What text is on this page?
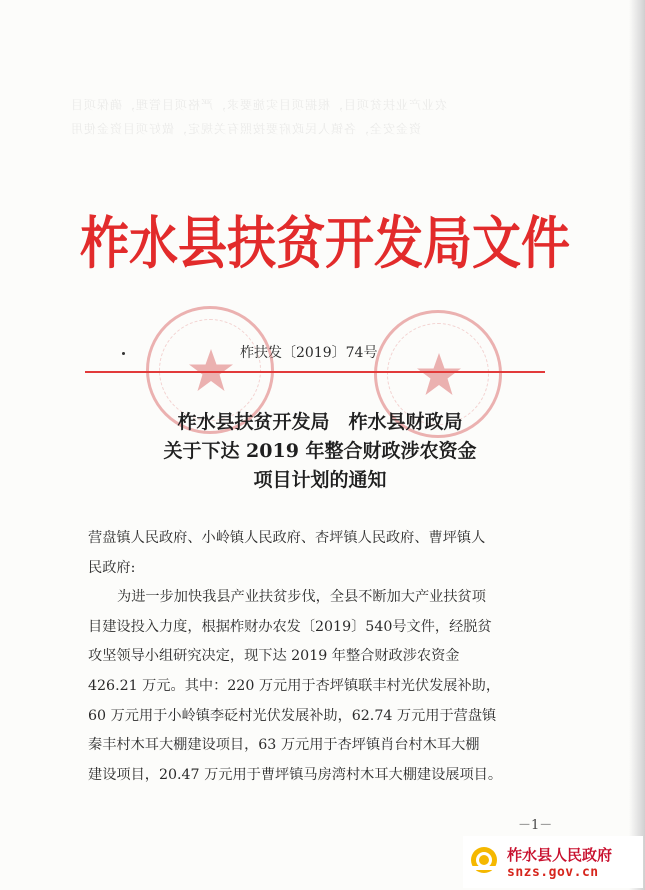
农业产业扶贫项目，根据项目实施要求，严格项目管理，确保项目
资金安全，各镇人民政府要按照有关规定，做好项目资金使用
柞水县扶贫开发局文件
柞扶发〔2019〕74号
柞水县扶贫开发局　柞水县财政局
关于下达 2019 年整合财政涉农资金
项目计划的通知

营盘镇人民政府、小岭镇人民政府、杏坪镇人民政府、曹坪镇人
民政府:

为进一步加快我县产业扶贫步伐，全县不断加大产业扶贫项
目建设投入力度，根据柞财办农发〔2019〕540号文件，经脱贫
攻坚领导小组研究决定，现下达 2019 年整合财政涉农资金
426.21 万元。其中：220 万元用于杏坪镇联丰村光伏发展补助，
60 万元用于小岭镇李砭村光伏发展补助，62.74 万元用于营盘镇
秦丰村木耳大棚建设项目，63 万元用于杏坪镇肖台村木耳大棚
建设项目，20.47 万元用于曹坪镇马房湾村木耳大棚建设展项目。

－1－
柞水县人民政府
snzs.gov.cn
